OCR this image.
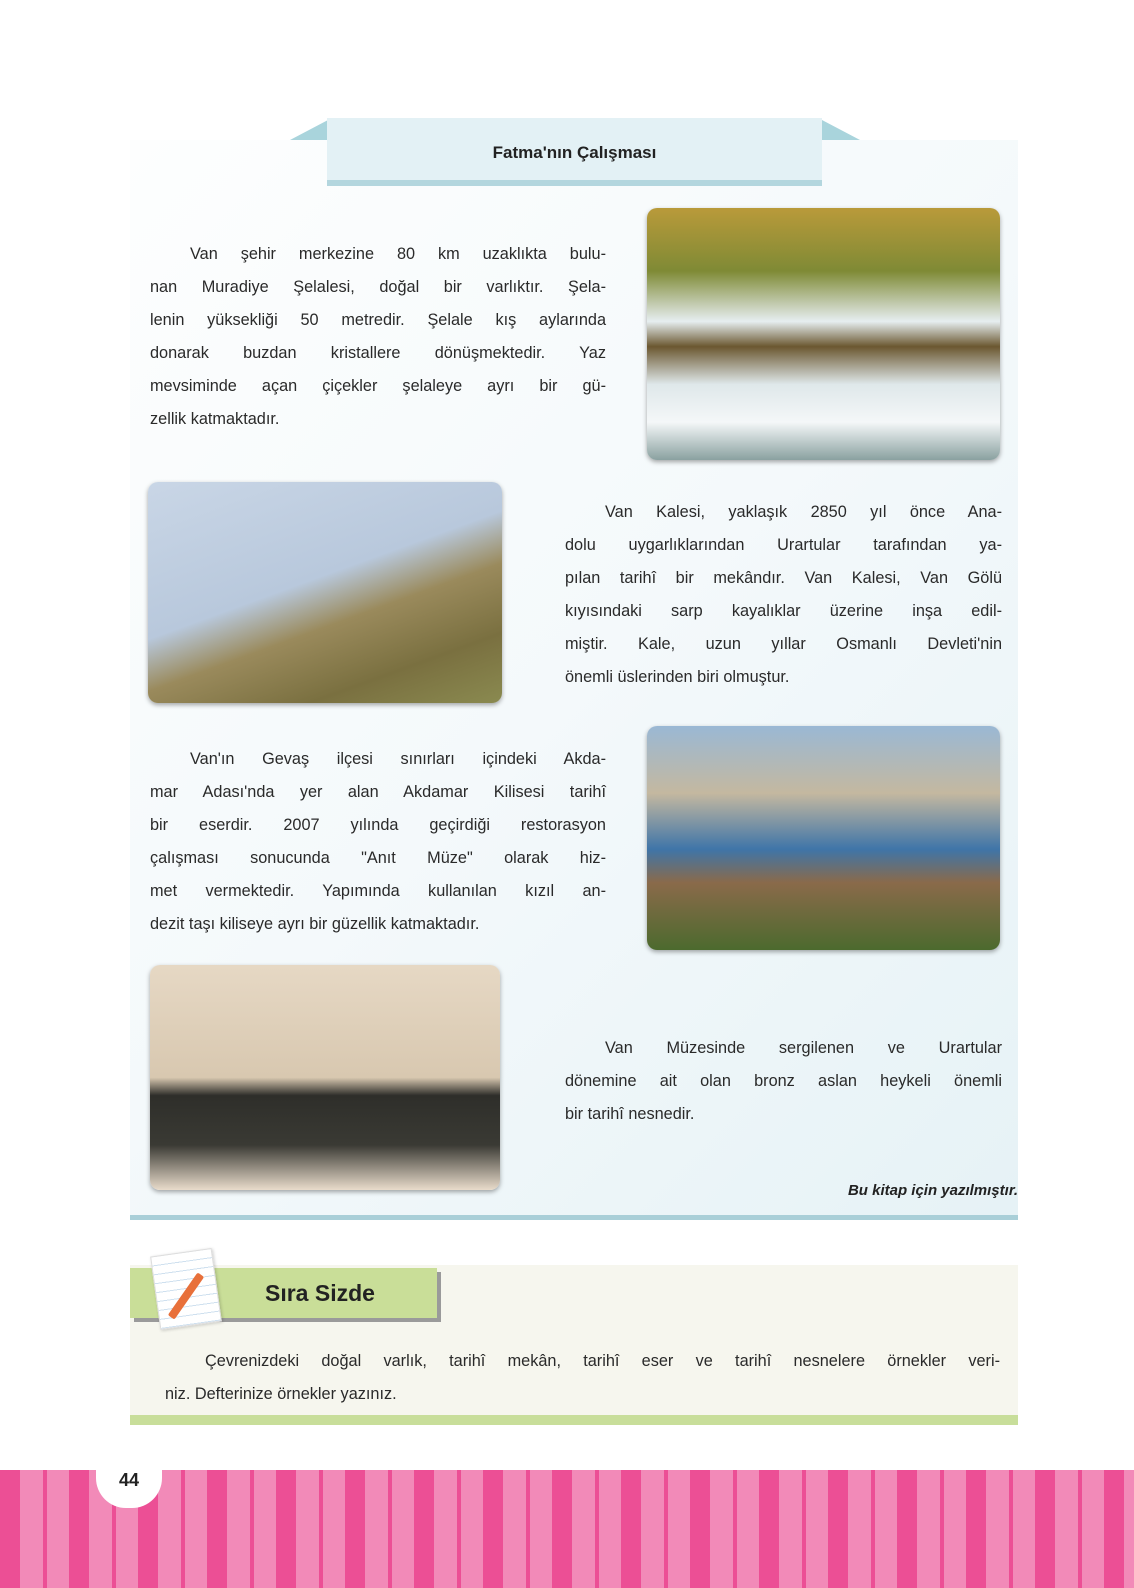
Fatma'nın Çalışması
Van şehir merkezine 80 km uzaklıkta bulu-
nan Muradiye Şelalesi, doğal bir varlıktır. Şela-
lenin yüksekliği 50 metredir. Şelale kış aylarında
donarak buzdan kristallere dönüşmektedir. Yaz
mevsiminde açan çiçekler şelaleye ayrı bir gü-
zellik katmaktadır.
Van Kalesi, yaklaşık 2850 yıl önce Ana-
dolu uygarlıklarından Urartular tarafından ya-
pılan tarihî bir mekândır. Van Kalesi, Van Gölü
kıyısındaki sarp kayalıklar üzerine inşa edil-
miştir. Kale, uzun yıllar Osmanlı Devleti'nin
önemli üslerinden biri olmuştur.
Van'ın Gevaş ilçesi sınırları içindeki Akda-
mar Adası'nda yer alan Akdamar Kilisesi tarihî
bir eserdir. 2007 yılında geçirdiği restorasyon
çalışması sonucunda "Anıt Müze" olarak hiz-
met vermektedir. Yapımında kullanılan kızıl an-
dezit taşı kiliseye ayrı bir güzellik katmaktadır.
Van Müzesinde sergilenen ve Urartular
dönemine ait olan bronz aslan heykeli önemli
bir tarihî nesnedir.
Bu kitap için yazılmıştır.
Sıra Sizde
Çevrenizdeki doğal varlık, tarihî mekân, tarihî eser ve tarihî nesnelere örnekler veri-
niz. Defterinize örnekler yazınız.
44
